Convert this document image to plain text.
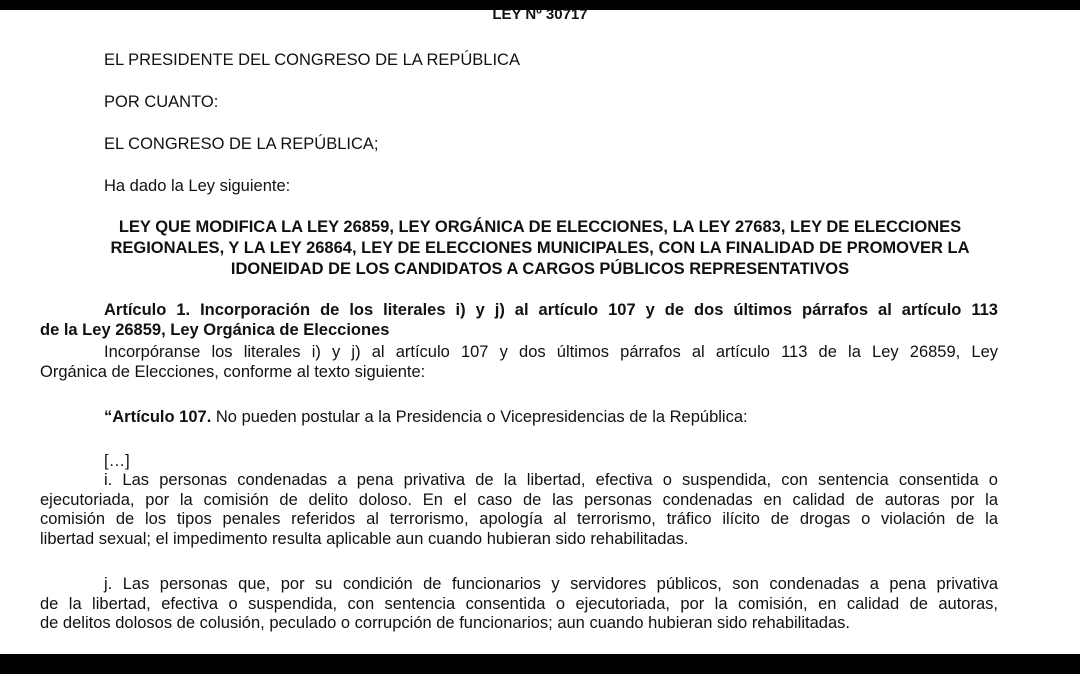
LEY Nº 30717

EL PRESIDENTE DEL CONGRESO DE LA REPÚBLICA

POR CUANTO:

EL CONGRESO DE LA REPÚBLICA;

Ha dado la Ley siguiente:

LEY QUE MODIFICA LA LEY 26859, LEY ORGÁNICA DE ELECCIONES, LA LEY 27683, LEY DE ELECCIONES
REGIONALES, Y LA LEY 26864, LEY DE ELECCIONES MUNICIPALES, CON LA FINALIDAD DE PROMOVER LA
IDONEIDAD DE LOS CANDIDATOS A CARGOS PÚBLICOS REPRESENTATIVOS
Artículo 1. Incorporación de los literales i) y j) al artículo 107 y de dos últimos párrafos al artículo 113
de la Ley 26859, Ley Orgánica de Elecciones
Incorpóranse los literales i) y j) al artículo 107 y dos últimos párrafos al artículo 113 de la Ley 26859, Ley
Orgánica de Elecciones, conforme al texto siguiente:

“Artículo 107. No pueden postular a la Presidencia o Vicepresidencias de la República:

[…]

i. Las personas condenadas a pena privativa de la libertad, efectiva o suspendida, con sentencia consentida o
ejecutoriada, por la comisión de delito doloso. En el caso de las personas condenadas en calidad de autoras por la
comisión de los tipos penales referidos al terrorismo, apología al terrorismo, tráfico ilícito de drogas o violación de la
libertad sexual; el impedimento resulta aplicable aun cuando hubieran sido rehabilitadas.
j. Las personas que, por su condición de funcionarios y servidores públicos, son condenadas a pena privativa
de la libertad, efectiva o suspendida, con sentencia consentida o ejecutoriada, por la comisión, en calidad de autoras,
de delitos dolosos de colusión, peculado o corrupción de funcionarios; aun cuando hubieran sido rehabilitadas.
